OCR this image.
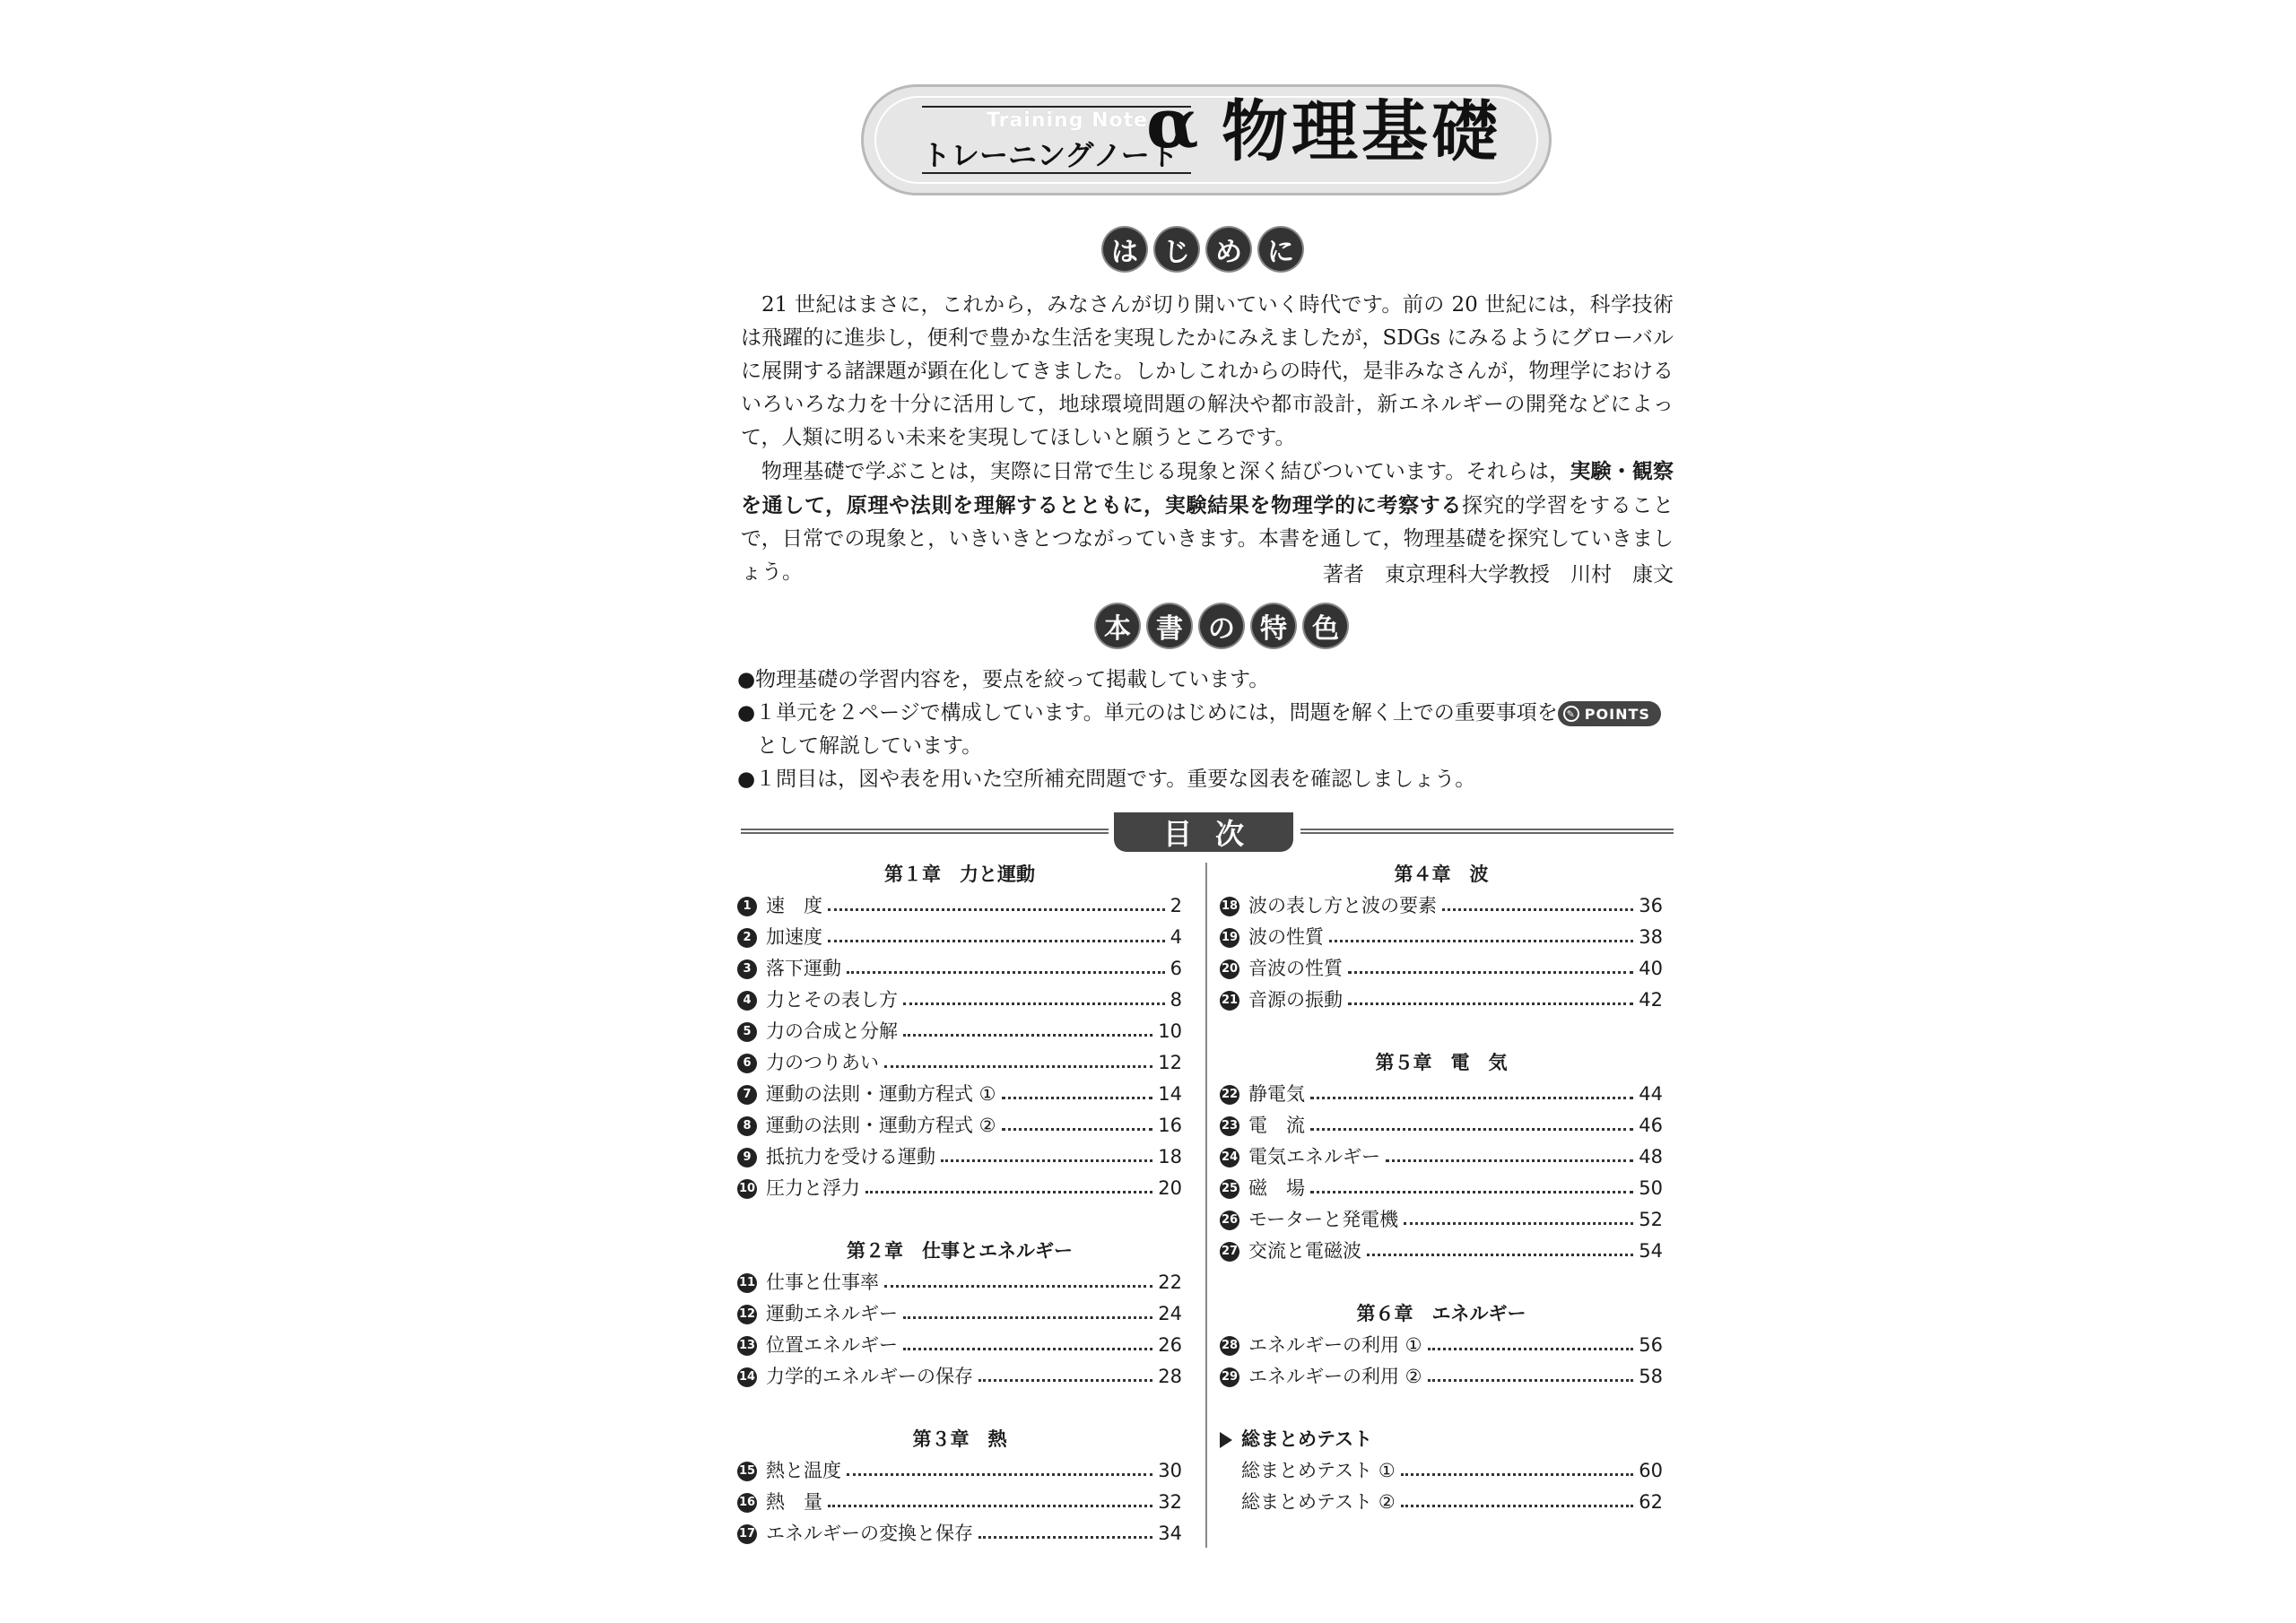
Training Note
トレーニングノート
α 物理基礎
は じ め に

21 世紀はまさに，これから，みなさんが切り開いていく時代です。前の 20 世紀には，科学技術は飛躍的に進歩し，便利で豊かな生活を実現したかにみえましたが，SDGs にみるようにグローバルに展開する諸課題が顕在化してきました。しかしこれからの時代，是非みなさんが，物理学におけるいろいろな力を十分に活用して，地球環境問題の解決や都市設計，新エネルギーの開発などによって，人類に明るい未来を実現してほしいと願うところです。

物理基礎で学ぶことは，実際に日常で生じる現象と深く結びついています。それらは，実験・観察を通して，原理や法則を理解するとともに，実験結果を物理学的に考察する探究的学習をすることで，日常での現象と，いきいきとつながっていきます。本書を通して，物理基礎を探究していきましょう。	著者　東京理科大学教授　川村　康文
本 書 の 特 色

●物理基礎の学習内容を，要点を絞って掲載しています。

●１単元を２ページで構成しています。単元のはじめには，問題を解く上での重要事項を ✎ POINTS

として解説しています。

●１問目は，図や表を用いた空所補充問題です。重要な図表を確認しましょう。

目次
第１章　力と運動
1 速　度	2
2 加速度	4
3 落下運動	6
4 力とその表し方	8
5 力の合成と分解	10
6 力のつりあい	12
7 運動の法則・運動方程式 ①	14
8 運動の法則・運動方程式 ②	16
9 抵抗力を受ける運動	18
10 圧力と浮力	20
第２章　仕事とエネルギー
11 仕事と仕事率	22
12 運動エネルギー	24
13 位置エネルギー	26
14 力学的エネルギーの保存	28
第３章　熱
15 熱と温度	30
16 熱　量	32
17 エネルギーの変換と保存	34
第４章　波
18 波の表し方と波の要素	36
19 波の性質	38
20 音波の性質	40
21 音源の振動	42
第５章　電　気
22 静電気	44
23 電　流	46
24 電気エネルギー	48
25 磁　場	50
26 モーターと発電機	52
27 交流と電磁波	54
第６章　エネルギー
28 エネルギーの利用 ①	56
29 エネルギーの利用 ②	58
総まとめテスト
総まとめテスト ①	60
総まとめテスト ②	62
